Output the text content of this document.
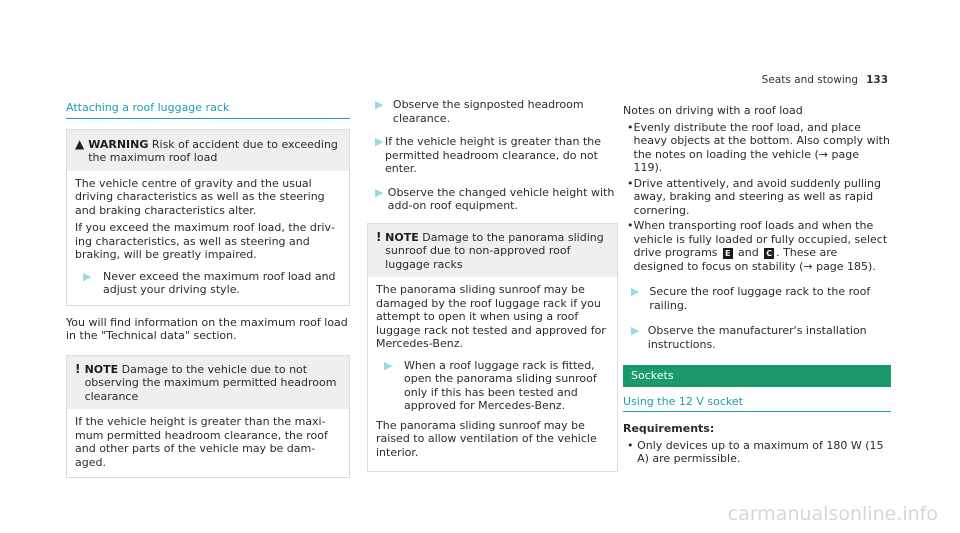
Seats and stowing 133
Attaching a roof luggage rack
▲ WARNING Risk of accident due to exceeding the maximum roof load

The vehicle centre of gravity and the usual driving characteristics as well as the steering and braking characteristics alter.

If you exceed the maximum roof load, the driving characteristics, as well as steering and braking, will be greatly impaired.

▶	Never exceed the maximum roof load and adjust your driving style.

You will find information on the maximum roof load in the "Technical data" section.

! NOTE Damage to the vehicle due to not observing the maximum permitted headroom clearance
If the vehicle height is greater than the maximum permitted headroom clearance, the roof and other parts of the vehicle may be damaged.
▶ Observe the signposted headroom clearance.
▶ If the vehicle height is greater than the permitted headroom clearance, do not enter.
▶ Observe the changed vehicle height with add-on roof equipment.
! NOTE Damage to the panorama sliding sunroof due to non-approved roof luggage racks

The panorama sliding sunroof may be damaged by the roof luggage rack if you attempt to open it when using a roof luggage rack not tested and approved for Mercedes-Benz.

▶	When a roof luggage rack is fitted, open the panorama sliding sunroof only if this has been tested and approved for Mercedes-Benz.

The panorama sliding sunroof may be raised to allow ventilation of the vehicle interior.

Notes on driving with a roof load
• Evenly distribute the roof load, and place heavy objects at the bottom. Also comply with the notes on loading the vehicle (→ page 119).
• Drive attentively, and avoid suddenly pulling away, braking and steering as well as rapid cornering.
• When transporting roof loads and when the vehicle is fully loaded or fully occupied, select drive programs E and C . These are designed to focus on stability (→ page 185).
▶ Secure the roof luggage rack to the roof railing.
▶ Observe the manufacturer's installation instructions.
Sockets
Using the 12 V socket
Requirements:
• Only devices up to a maximum of 180 W (15 A) are permissible.
carmanualsonline.info
